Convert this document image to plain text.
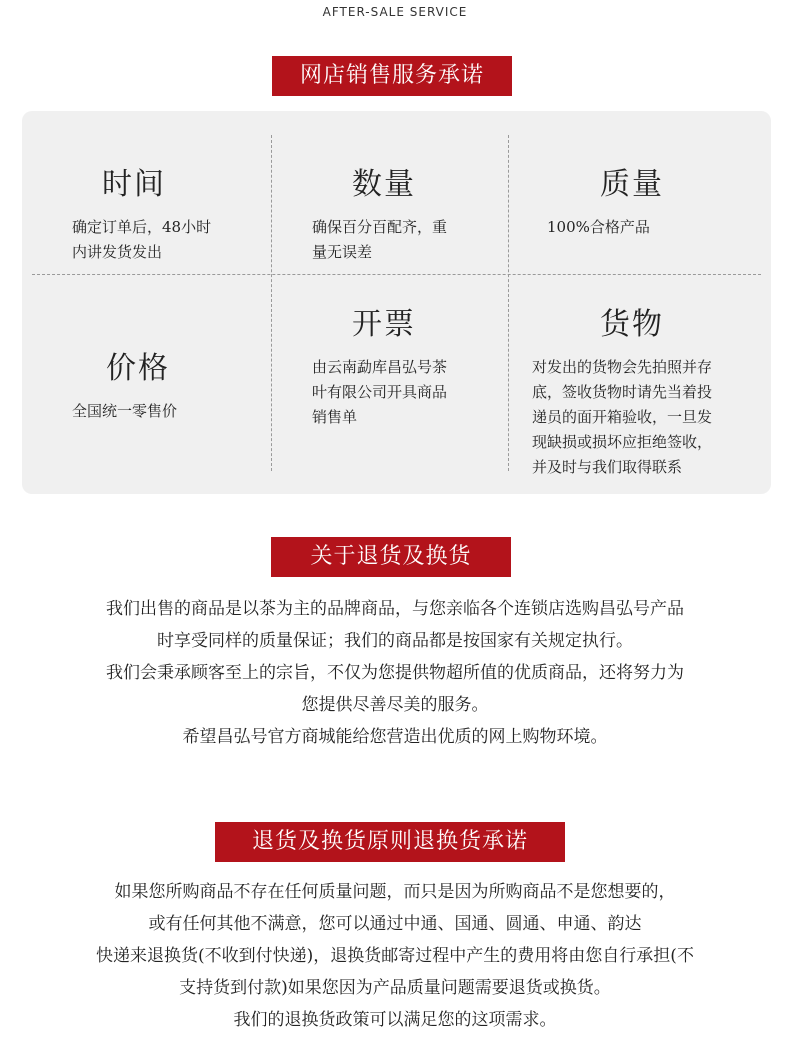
AFTER-SALE SERVICE
网店销售服务承诺
时间

确定订单后，48小时

内讲发货发出

数量

确保百分百配齐，重

量无误差

质量

100%合格产品

价格

全国统一零售价

开票

由云南勐库昌弘号茶

叶有限公司开具商品

销售单

货物

对发出的货物会先拍照并存

底，签收货物时请先当着投

递员的面开箱验收，一旦发

现缺损或损坏应拒绝签收，

并及时与我们取得联系

关于退货及换货
我们出售的商品是以茶为主的品牌商品，与您亲临各个连锁店选购昌弘号产品
时享受同样的质量保证；我们的商品都是按国家有关规定执行。
我们会秉承顾客至上的宗旨，不仅为您提供物超所值的优质商品，还将努力为
您提供尽善尽美的服务。
希望昌弘号官方商城能给您营造出优质的网上购物环境。
退货及换货原则退换货承诺
如果您所购商品不存在任何质量问题，而只是因为所购商品不是您想要的，
或有任何其他不满意，您可以通过中通、国通、圆通、申通、韵达
快递来退换货(不收到付快递)，退换货邮寄过程中产生的费用将由您自行承担(不
支持货到付款)如果您因为产品质量问题需要退货或换货。
我们的退换货政策可以满足您的这项需求。
